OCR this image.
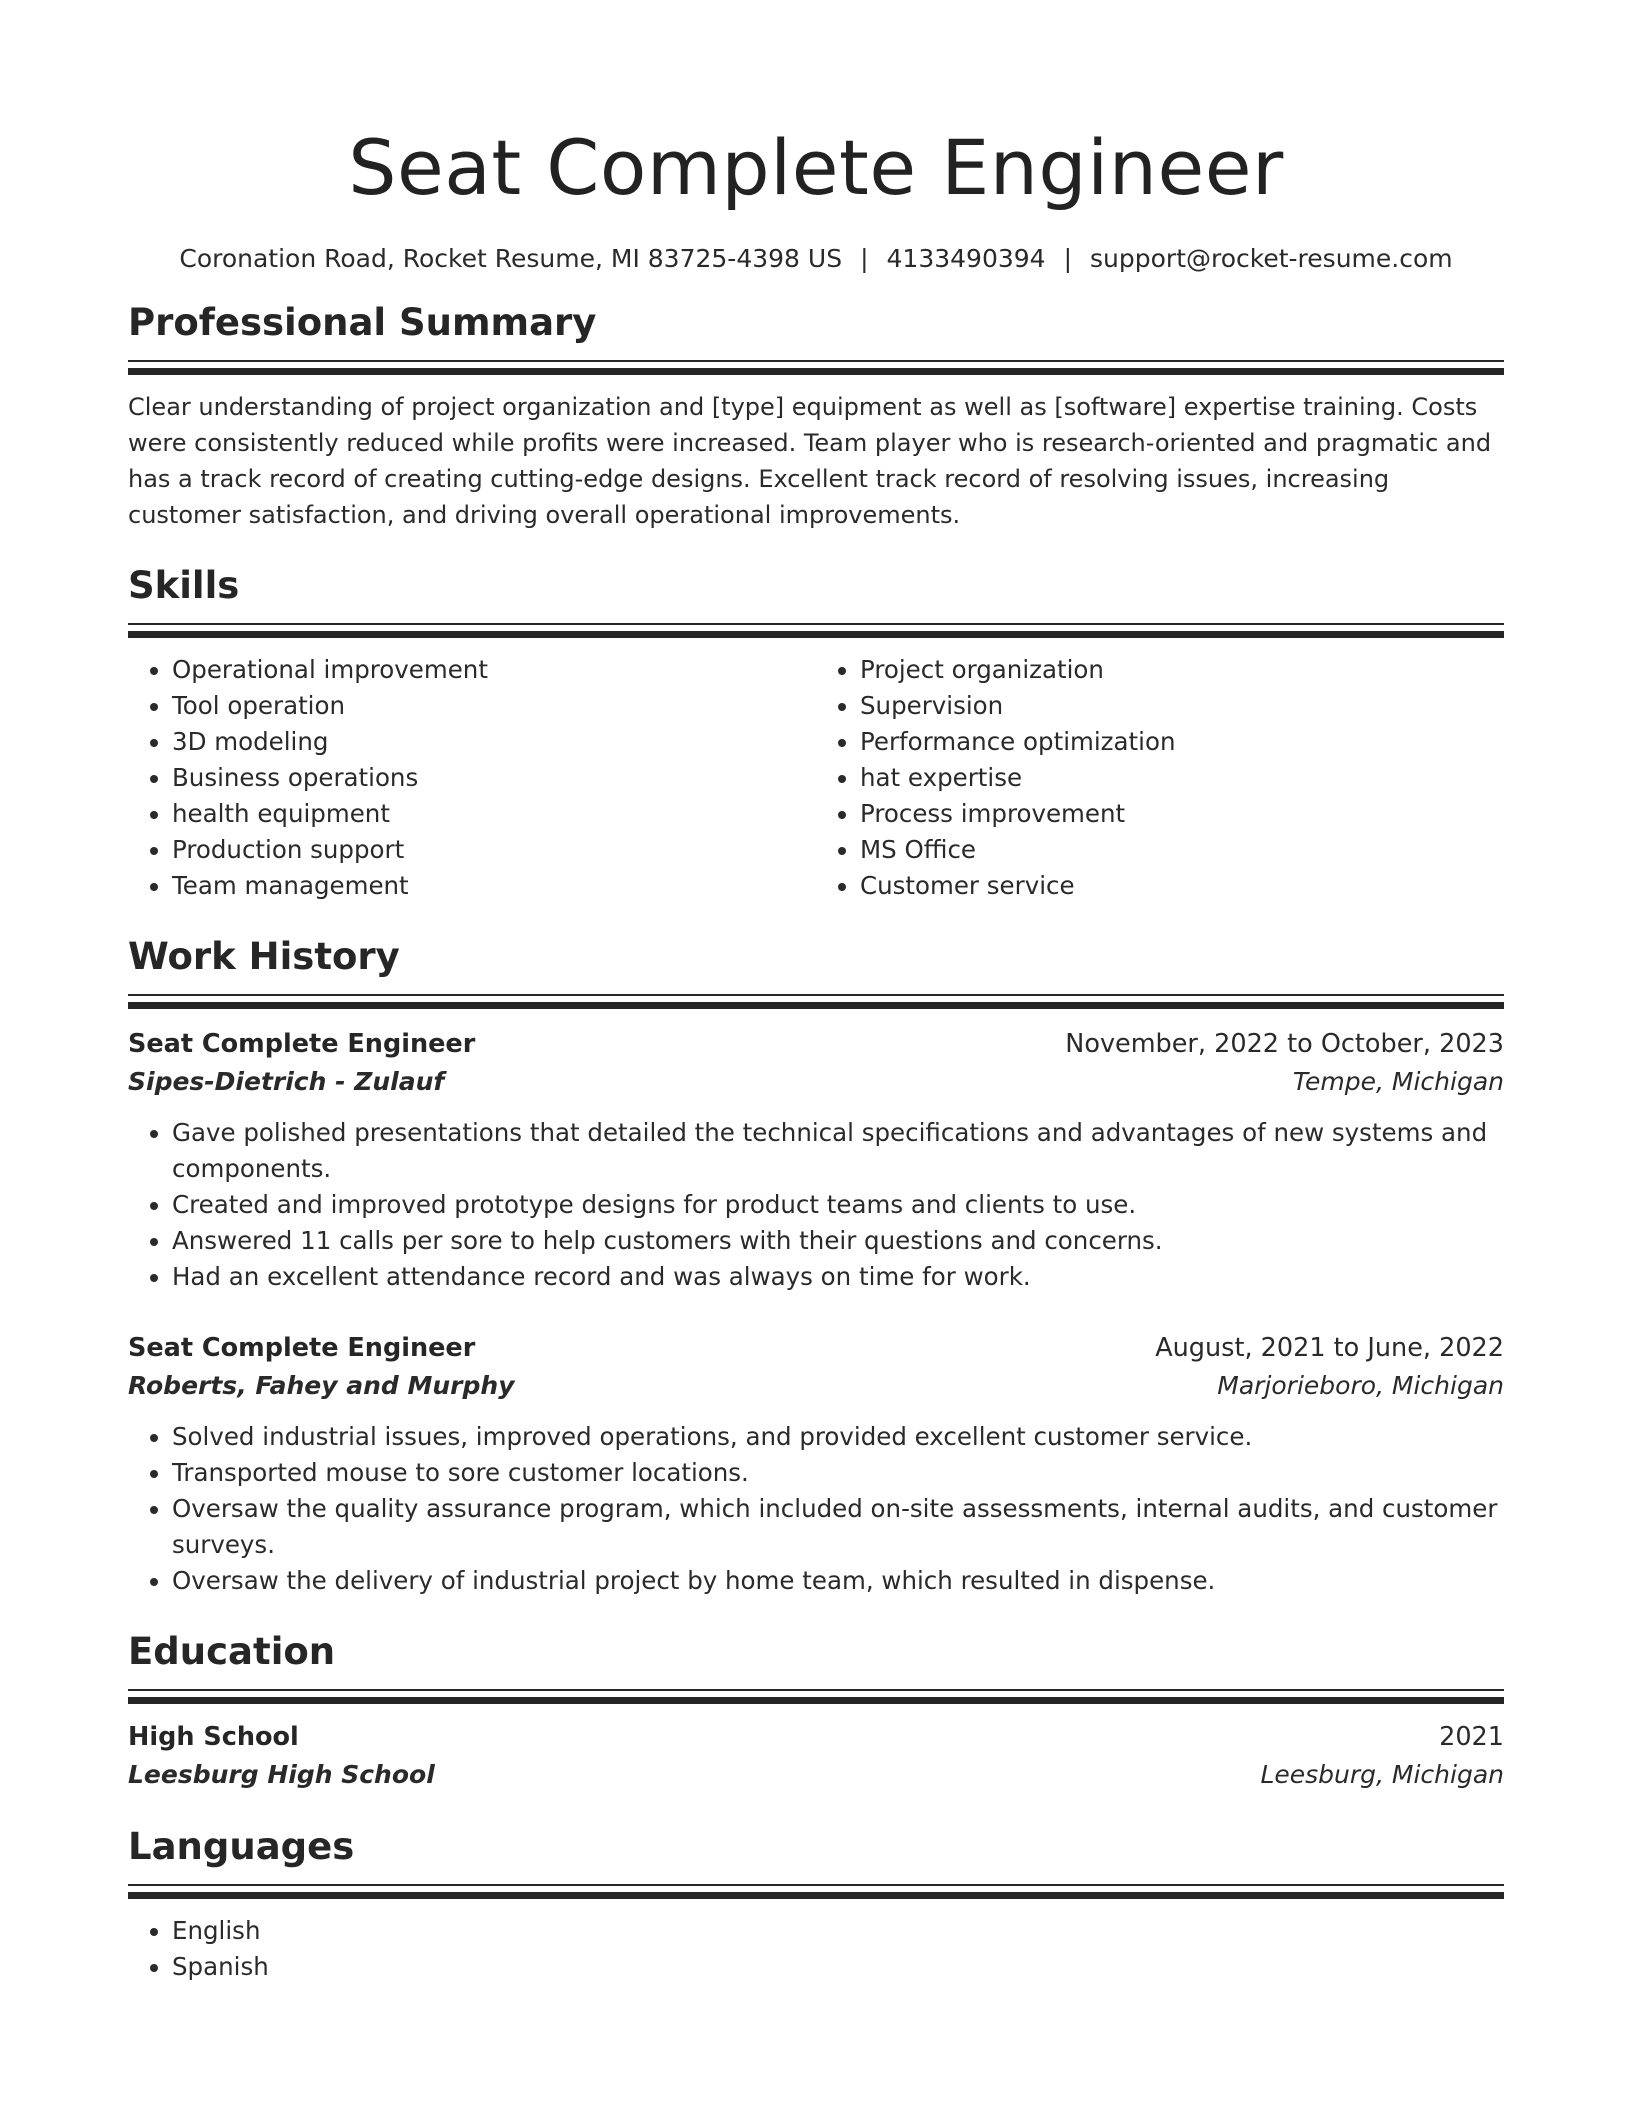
Seat Complete Engineer
Coronation Road, Rocket Resume, MI 83725-4398 US | 4133490394 | support@rocket-resume.com
Professional Summary
Clear understanding of project organization and [type] equipment as well as [software] expertise training. Costs were consistently reduced while profits were increased. Team player who is research-oriented and pragmatic and has a track record of creating cutting-edge designs. Excellent track record of resolving issues, increasing customer satisfaction, and driving overall operational improvements.
Skills
• Operational improvement
• Tool operation
• 3D modeling
• Business operations
• health equipment
• Production support
• Team management
• Project organization
• Supervision
• Performance optimization
• hat expertise
• Process improvement
• MS Office
• Customer service
Work History
Seat Complete Engineer	November, 2022 to October, 2023
Sipes-Dietrich - Zulauf	Tempe, Michigan
• Gave polished presentations that detailed the technical specifications and advantages of new systems and components.
• Created and improved prototype designs for product teams and clients to use.
• Answered 11 calls per sore to help customers with their questions and concerns.
• Had an excellent attendance record and was always on time for work.
Seat Complete Engineer	August, 2021 to June, 2022
Roberts, Fahey and Murphy	Marjorieboro, Michigan
• Solved industrial issues, improved operations, and provided excellent customer service.
• Transported mouse to sore customer locations.
• Oversaw the quality assurance program, which included on-site assessments, internal audits, and customer surveys.
• Oversaw the delivery of industrial project by home team, which resulted in dispense.
Education
High School	2021
Leesburg High School	Leesburg, Michigan
Languages
• English
• Spanish
